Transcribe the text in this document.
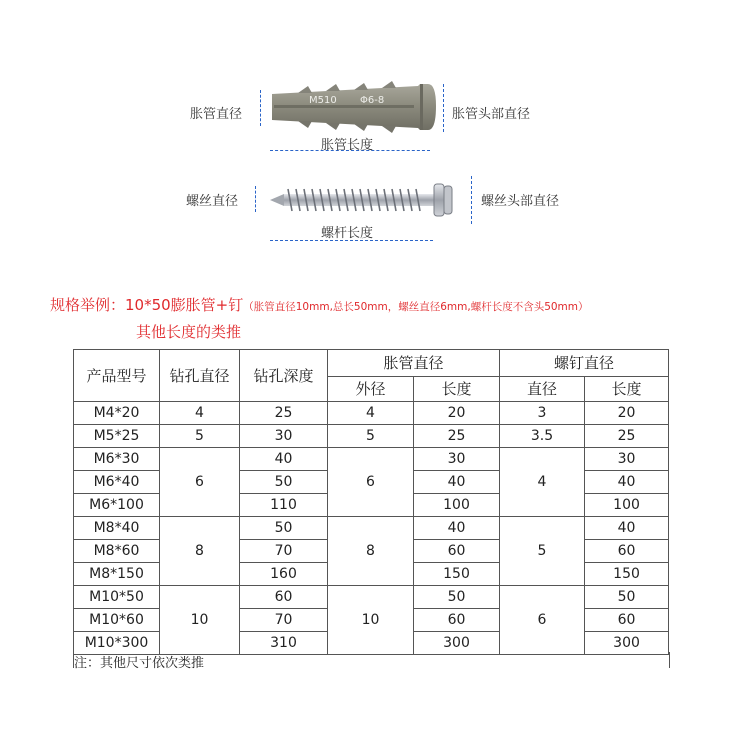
M510 Φ6-8
胀管直径	胀管头部直径
胀管长度
螺丝直径	螺丝头部直径
螺杆长度
规格举例：10*50膨胀管+钉（胀管直径10mm,总长50mm，螺丝直径6mm,螺杆长度不含头50mm）
其他长度的类推
产品型号	钻孔直径	钻孔深度	胀管直径		螺钉直径	
			外径	长度	直径	长度
M4*20	4	25	4	20	3	20
M5*25	5	30	5	25	3.5	25
M6*30	6	40	6	30	4	30
M6*40		50		40		40
M6*100		110		100		100
M8*40	8	50	8	40	5	40
M8*60		70		60		60
M8*150		160		150		150
M10*50	10	60	10	50	6	50
M10*60		70		60		60
M10*300		310		300		300
注：其他尺寸依次类推
